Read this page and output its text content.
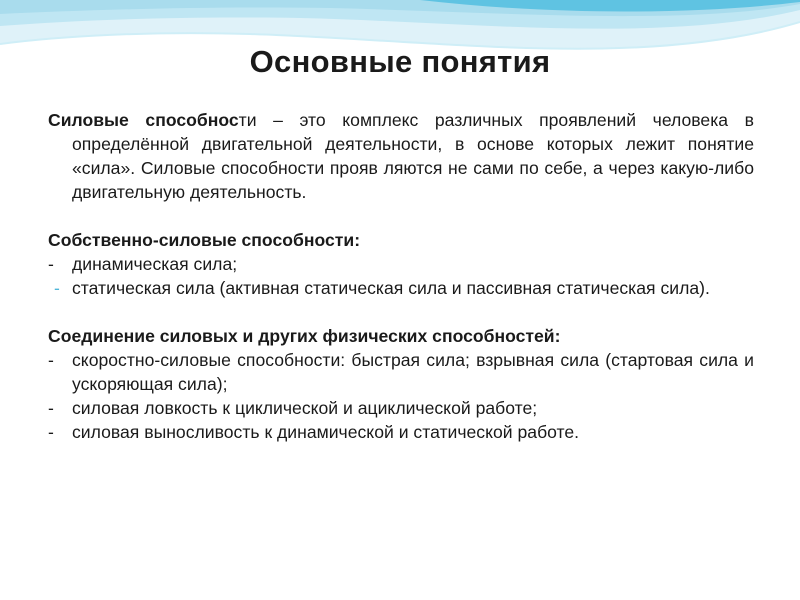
Основные понятия
Силовые способности – это комплекс различных проявлений человека в определённой двигательной деятельности, в основе которых лежит понятие «сила». Силовые способности прояв ляются не сами по себе, а через какую-либо двигательную деятельность.
Собственно-силовые способности:
- динамическая сила;
- статическая сила (активная статическая сила и пассивная статическая сила).
Соединение силовых и других физических способностей:
- скоростно-силовые способности: быстрая сила; взрывная сила (стартовая сила и ускоряющая сила);
- силовая ловкость к циклической и ациклической работе;
- силовая выносливость к динамической и статической работе.
